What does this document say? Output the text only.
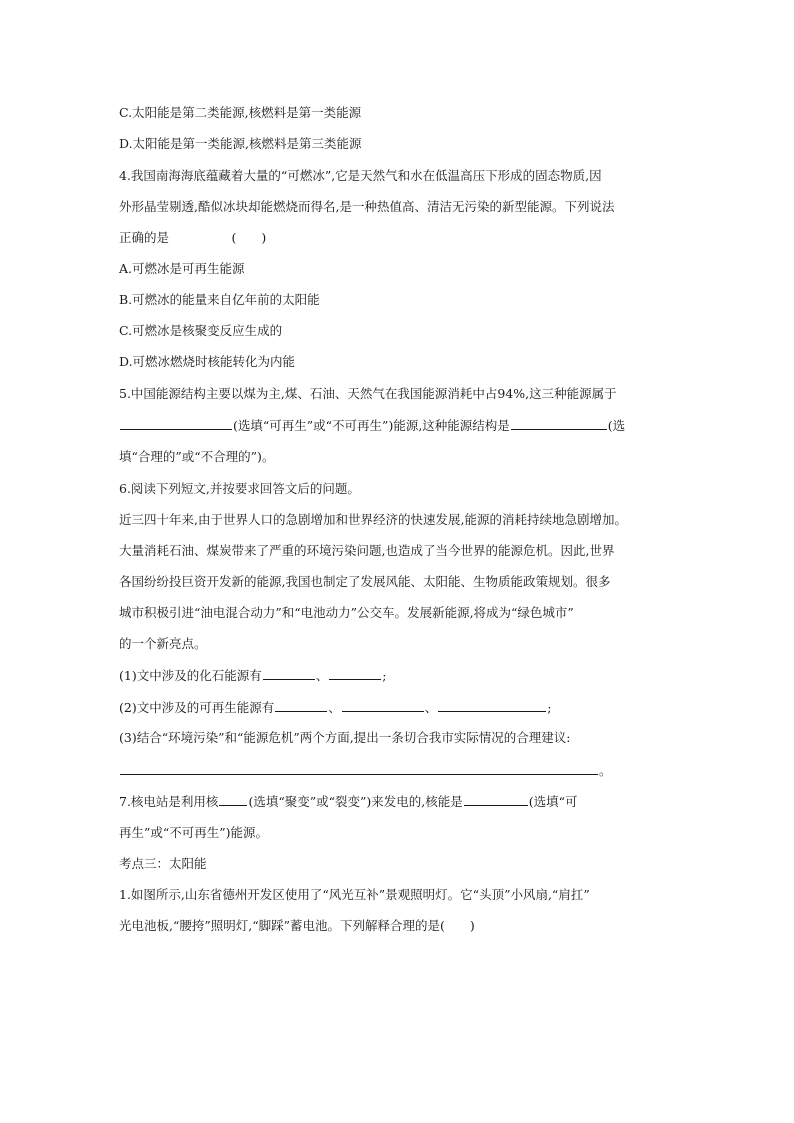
C.太阳能是第二类能源,核燃料是第一类能源
D.太阳能是第一类能源,核燃料是第三类能源
4.我国南海海底蕴藏着大量的“可燃冰”,它是天然气和水在低温高压下形成的固态物质,因
外形晶莹剔透,酷似冰块却能燃烧而得名,是一种热值高、清洁无污染的新型能源。下列说法
正确的是　　　　　(　　)
A.可燃冰是可再生能源
B.可燃冰的能量来自亿年前的太阳能
C.可燃冰是核聚变反应生成的
D.可燃冰燃烧时核能转化为内能
5.中国能源结构主要以煤为主,煤、石油、天然气在我国能源消耗中占94%,这三种能源属于
(选填“可再生”或“不可再生”)能源,这种能源结构是	(选
填“合理的”或“不合理的”)。
6.阅读下列短文,并按要求回答文后的问题。
近三四十年来,由于世界人口的急剧增加和世界经济的快速发展,能源的消耗持续地急剧增加。
大量消耗石油、煤炭带来了严重的环境污染问题,也造成了当今世界的能源危机。因此,世界
各国纷纷投巨资开发新的能源,我国也制定了发展风能、太阳能、生物质能政策规划。很多
城市积极引进“油电混合动力”和“电池动力”公交车。发展新能源,将成为“绿色城市”
的一个新亮点。
(1)文中涉及的化石能源有	、	;
(2)文中涉及的可再生能源有	、	、	;
(3)结合“环境污染”和“能源危机”两个方面,提出一条切合我市实际情况的合理建议:
。
7.核电站是利用核 (选填“聚变”或“裂变”)来发电的,核能是	(选填“可
再生”或“不可再生”)能源。
考点三：太阳能
1.如图所示,山东省德州开发区使用了“风光互补”景观照明灯。它“头顶”小风扇,“肩扛”
光电池板,“腰挎”照明灯,“脚踩”蓄电池。下列解释合理的是(　　)
